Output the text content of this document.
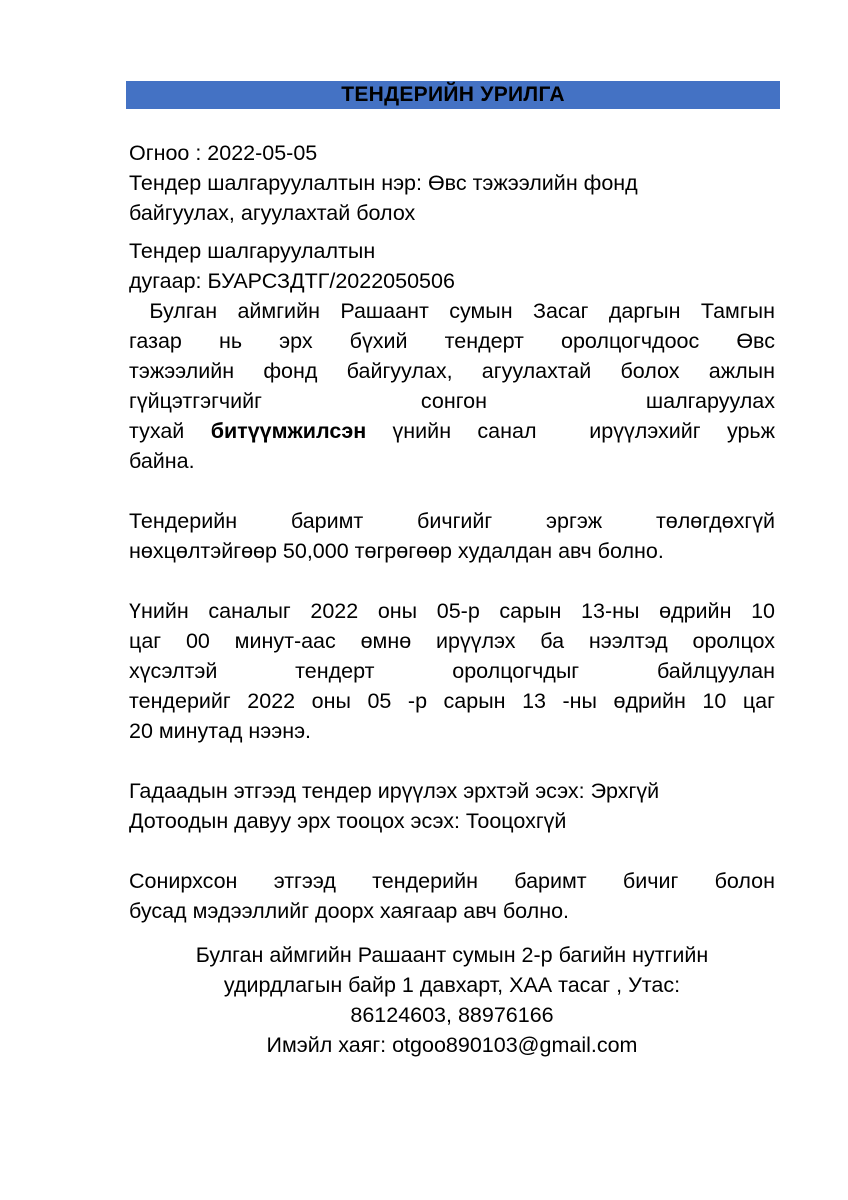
ТЕНДЕРИЙН УРИЛГА
Огноо : 2022-05-05
Тендер шалгаруулалтын нэр: Өвс тэжээлийн фонд
байгуулах, агуулахтай болох
Тендер шалгаруулалтын
дугаар: БУАРСЗДТГ/2022050506
Булган аймгийн Рашаант сумын Засаг даргын Тамгын
газар нь эрх бүхий тендерт оролцогчдоос Өвс
тэжээлийн фонд байгуулах, агуулахтай болох ажлын
гүйцэтгэгчийг сонгон шалгаруулах
тухай битүүмжилсэн үнийн санал  ирүүлэхийг урьж
байна.
Тендерийн баримт бичгийг эргэж төлөгдөхгүй
нөхцөлтэйгөөр 50,000 төгрөгөөр худалдан авч болно.
Үнийн саналыг 2022 оны 05-р сарын 13-ны өдрийн 10
цаг 00 минут-аас өмнө ирүүлэх ба нээлтэд оролцох
хүсэлтэй тендерт оролцогчдыг байлцуулан
тендерийг 2022 оны 05 -р сарын 13 -ны өдрийн 10 цаг
20 минутад нээнэ.
Гадаадын этгээд тендер ирүүлэх эрхтэй эсэх: Эрхгүй
Дотоодын давуу эрх тооцох эсэх: Тооцохгүй
Сонирхсон этгээд тендерийн баримт бичиг болон
бусад мэдээллийг доорх хаягаар авч болно.
Булган аймгийн Рашаант сумын 2-р багийн нутгийн
удирдлагын байр 1 давхарт, ХАА тасаг , Утас:
86124603, 88976166
Имэйл хаяг: otgoo890103@gmail.com
